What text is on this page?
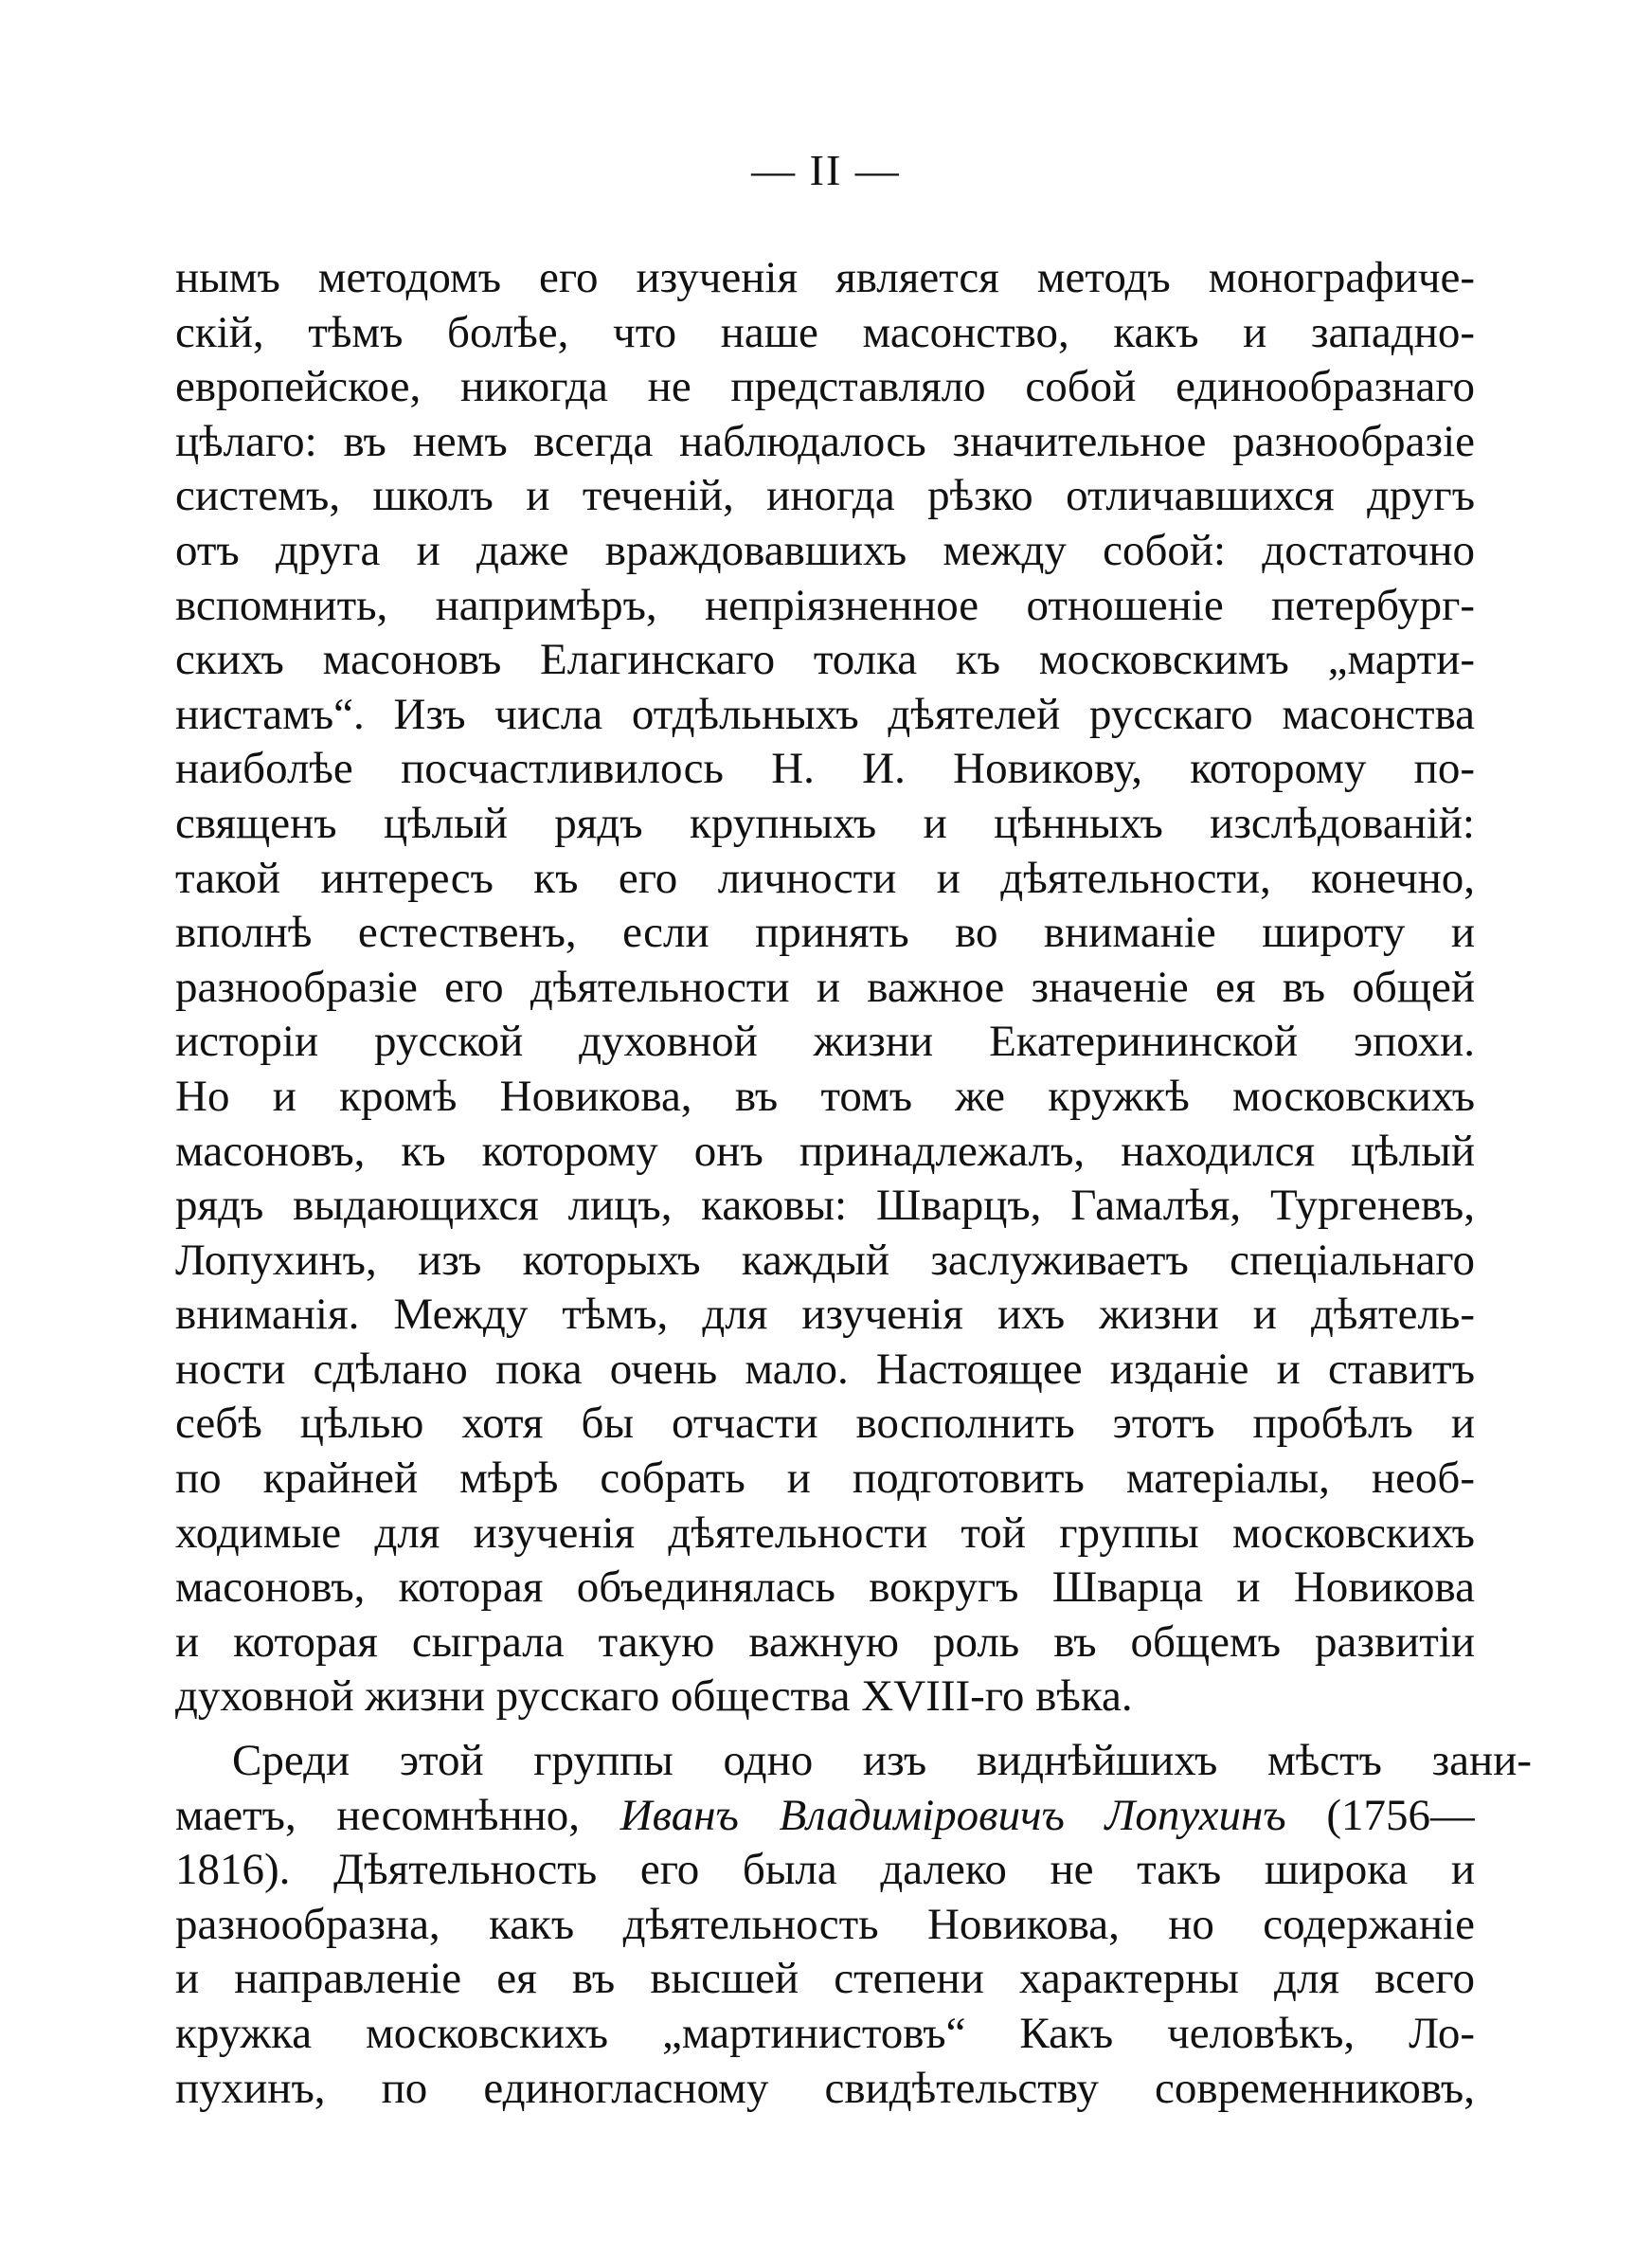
— II —
нымъ методомъ его изученія является методъ монографиче-
скій, тѣмъ болѣе, что наше масонство, какъ и западно-
европейское, никогда не представляло собой единообразнаго
цѣлаго: въ немъ всегда наблюдалось значительное разнообразіе
системъ, школъ и теченій, иногда рѣзко отличавшихся другъ
отъ друга и даже враждовавшихъ между собой: достаточно
вспомнить, напримѣръ, непріязненное отношеніе петербург-
скихъ масоновъ Елагинскаго толка къ московскимъ „марти-
нистамъ“. Изъ числа отдѣльныхъ дѣятелей русскаго масонства
наиболѣе посчастливилось Н. И. Новикову, которому по-
священъ цѣлый рядъ крупныхъ и цѣнныхъ изслѣдованій:
такой интересъ къ его личности и дѣятельности, конечно,
вполнѣ естественъ, если принять во вниманіе широту и
разнообразіе его дѣятельности и важное значеніе ея въ общей
исторіи русской духовной жизни Екатерининской эпохи.
Но и кромѣ Новикова, въ томъ же кружкѣ московскихъ
масоновъ, къ которому онъ принадлежалъ, находился цѣлый
рядъ выдающихся лицъ, каковы: Шварцъ, Гамалѣя, Тургеневъ,
Лопухинъ, изъ которыхъ каждый заслуживаетъ спеціальнаго
вниманія. Между тѣмъ, для изученія ихъ жизни и дѣятель-
ности сдѣлано пока очень мало. Настоящее изданіе и ставитъ
себѣ цѣлью хотя бы отчасти восполнить этотъ пробѣлъ и
по крайней мѣрѣ собрать и подготовить матеріалы, необ-
ходимые для изученія дѣятельности той группы московскихъ
масоновъ, которая объединялась вокругъ Шварца и Новикова
и которая сыграла такую важную роль въ общемъ развитіи
духовной жизни русскаго общества XVIII-го вѣка.
Среди этой группы одно изъ виднѣйшихъ мѣстъ зани-
маетъ, несомнѣнно, Иванъ Владиміровичъ Лопухинъ (1756—
1816). Дѣятельность его была далеко не такъ широка и
разнообразна, какъ дѣятельность Новикова, но содержаніе
и направленіе ея въ высшей степени характерны для всего
кружка московскихъ „мартинистовъ“ Какъ человѣкъ, Ло-
пухинъ, по единогласному свидѣтельству современниковъ,
